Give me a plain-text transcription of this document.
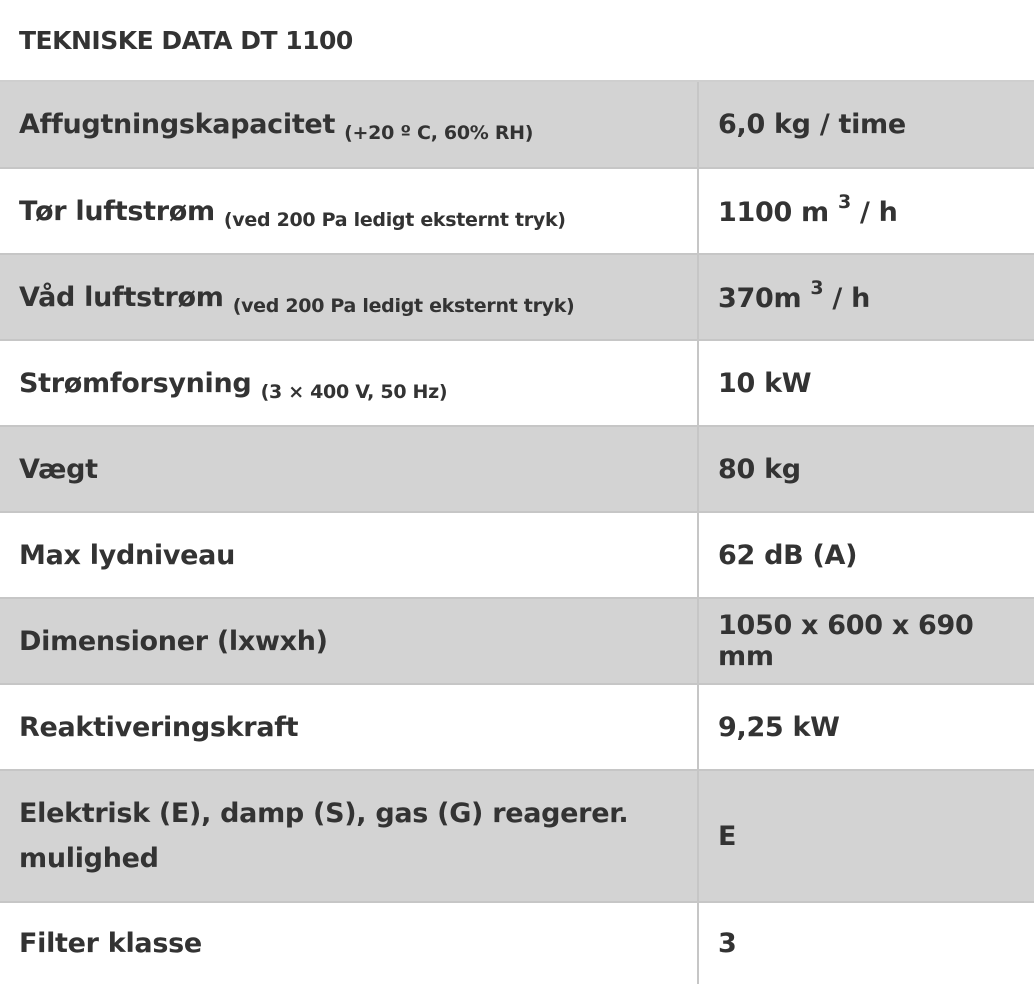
TEKNISKE DATA DT 1100
Affugtningskapacitet $_{(+20 º C, 60\% RH)}$	6,0 kg / time
Tør luftstrøm $_{(ved 200 Pa ledigt eksternt tryk)}$	1100 m $^3$ / h
Våd luftstrøm $_{(ved 200 Pa ledigt eksternt tryk)}$	370m $^3$ / h
Strømforsyning $_{(3 \times 400 V, 50 Hz)}$	10 kW
Vægt	80 kg
Max lydniveau	62 dB (A)
Dimensioner (lxwxh)	1050 x 600 x 690 mm
Reaktiveringskraft	9,25 kW
Elektrisk (E), damp (S), gas (G) reagerer. mulighed	E
Filter klasse	3
